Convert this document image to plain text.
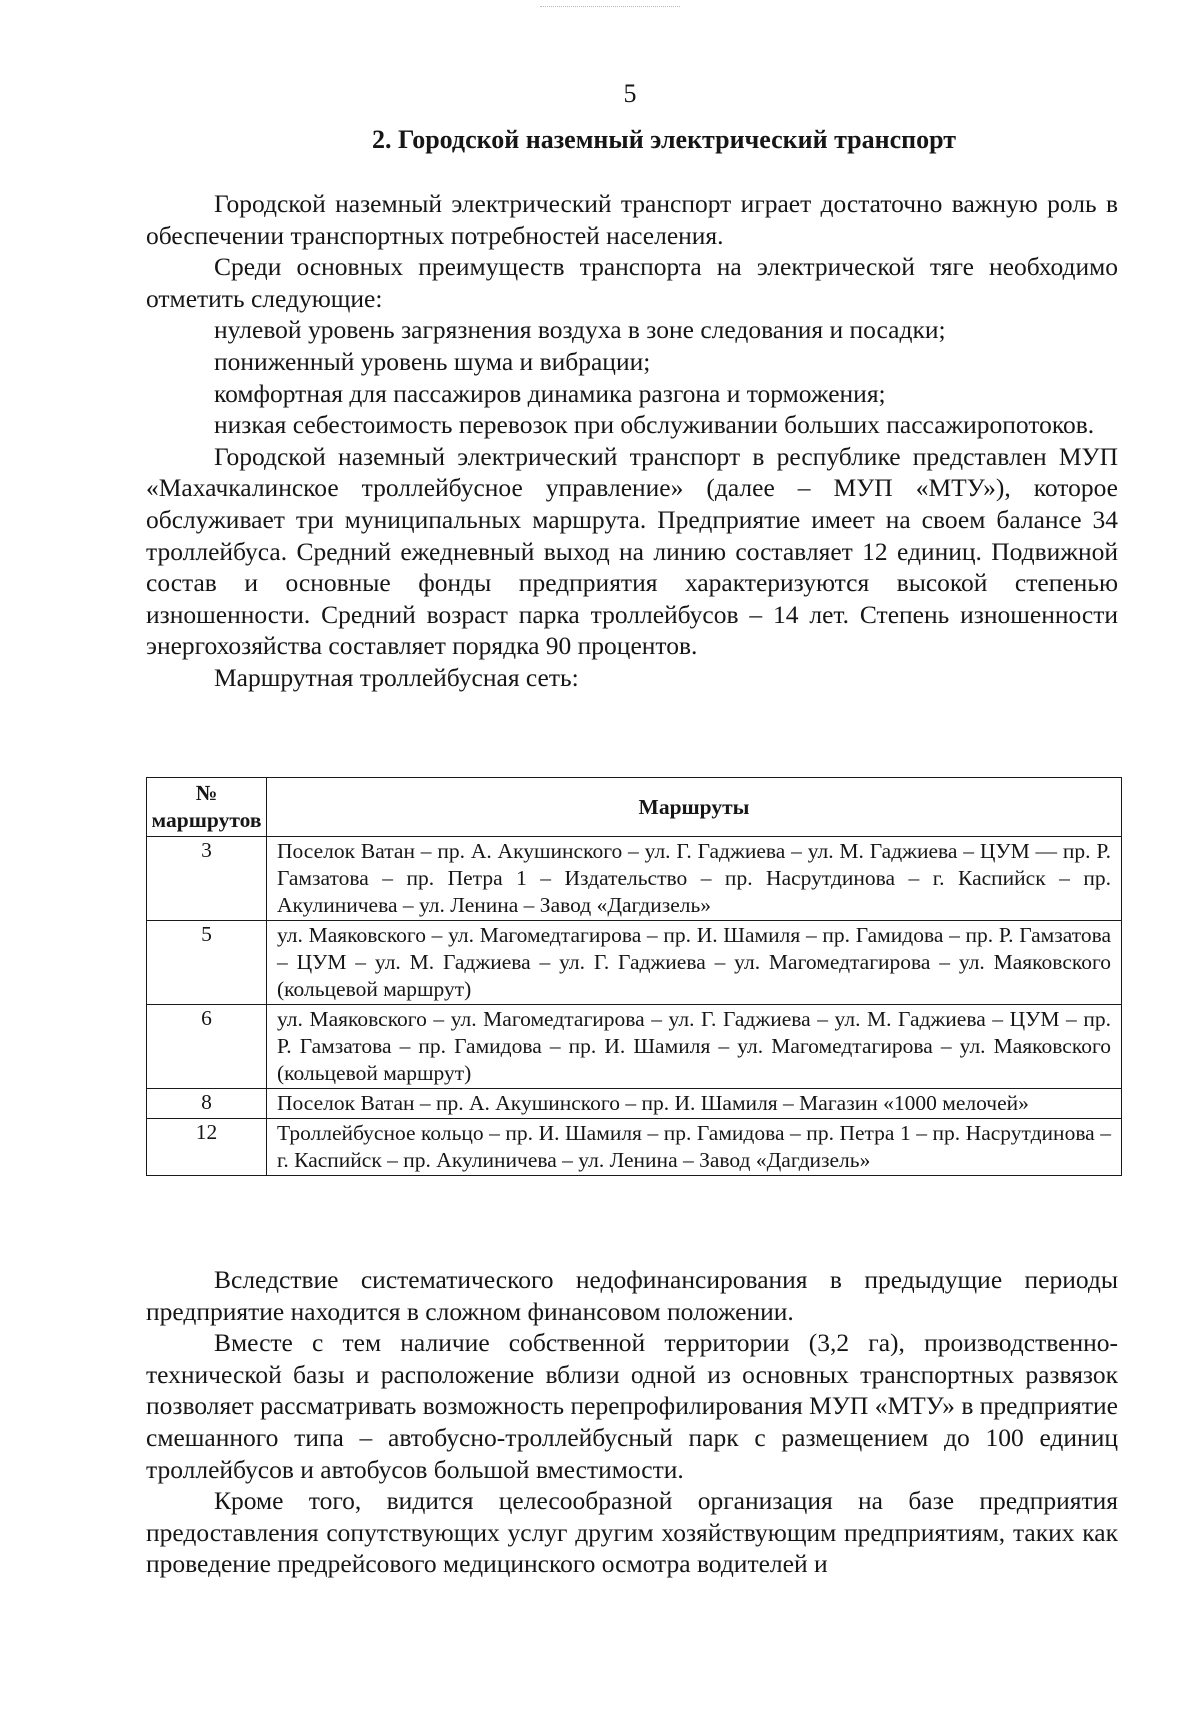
5
2. Городской наземный электрический транспорт

Городской наземный электрический транспорт играет достаточно важную роль в обеспечении транспортных потребностей населения.

Среди основных преимуществ транспорта на электрической тяге необходимо отметить следующие:

нулевой уровень загрязнения воздуха в зоне следования и посадки;

пониженный уровень шума и вибрации;

комфортная для пассажиров динамика разгона и торможения;

низкая себестоимость перевозок при обслуживании больших пассажиропотоков.

Городской наземный электрический транспорт в республике представлен МУП «Махачкалинское троллейбусное управление» (далее – МУП «МТУ»), которое обслуживает три муниципальных маршрута. Предприятие имеет на своем балансе 34 троллейбуса. Средний ежедневный выход на линию составляет 12 единиц. Подвижной состав и основные фонды предприятия характеризуются высокой степенью изношенности. Средний возраст парка троллейбусов – 14 лет. Степень изношенности энергохозяйства составляет порядка 90 процентов.

Маршрутная троллейбусная сеть:

№ маршрутов	Маршруты
3	Поселок Ватан – пр. А. Акушинского – ул. Г. Гаджиева – ул. М. Гаджиева – ЦУМ — пр. Р. Гамзатова – пр. Петра 1 – Издательство – пр. Насрутдинова – г. Каспийск – пр. Акулиничева – ул. Ленина – Завод «Дагдизель»
5	ул. Маяковского – ул. Магомедтагирова – пр. И. Шамиля – пр. Гамидова – пр. Р. Гамзатова – ЦУМ – ул. М. Гаджиева – ул. Г. Гаджиева – ул. Магомедтагирова – ул. Маяковского (кольцевой маршрут)
6	ул. Маяковского – ул. Магомедтагирова – ул. Г. Гаджиева – ул. М. Гаджиева – ЦУМ – пр. Р. Гамзатова – пр. Гамидова – пр. И. Шамиля – ул. Магомедтагирова – ул. Маяковского (кольцевой маршрут)
8	Поселок Ватан – пр. А. Акушинского – пр. И. Шамиля – Магазин «1000 мелочей»
12	Троллейбусное кольцо – пр. И. Шамиля – пр. Гамидова – пр. Петра 1 – пр. Насрутдинова – г. Каспийск – пр. Акулиничева – ул. Ленина – Завод «Дагдизель»

Вследствие систематического недофинансирования в предыдущие периоды предприятие находится в сложном финансовом положении.

Вместе с тем наличие собственной территории (3,2 га), производственно-технической базы и расположение вблизи одной из основных транспортных развязок позволяет рассматривать возможность перепрофилирования МУП «МТУ» в предприятие смешанного типа – автобусно-троллейбусный парк с размещением до 100 единиц троллейбусов и автобусов большой вместимости.

Кроме того, видится целесообразной организация на базе предприятия предоставления сопутствующих услуг другим хозяйствующим предприятиям, таких как проведение предрейсового медицинского осмотра водителей и
